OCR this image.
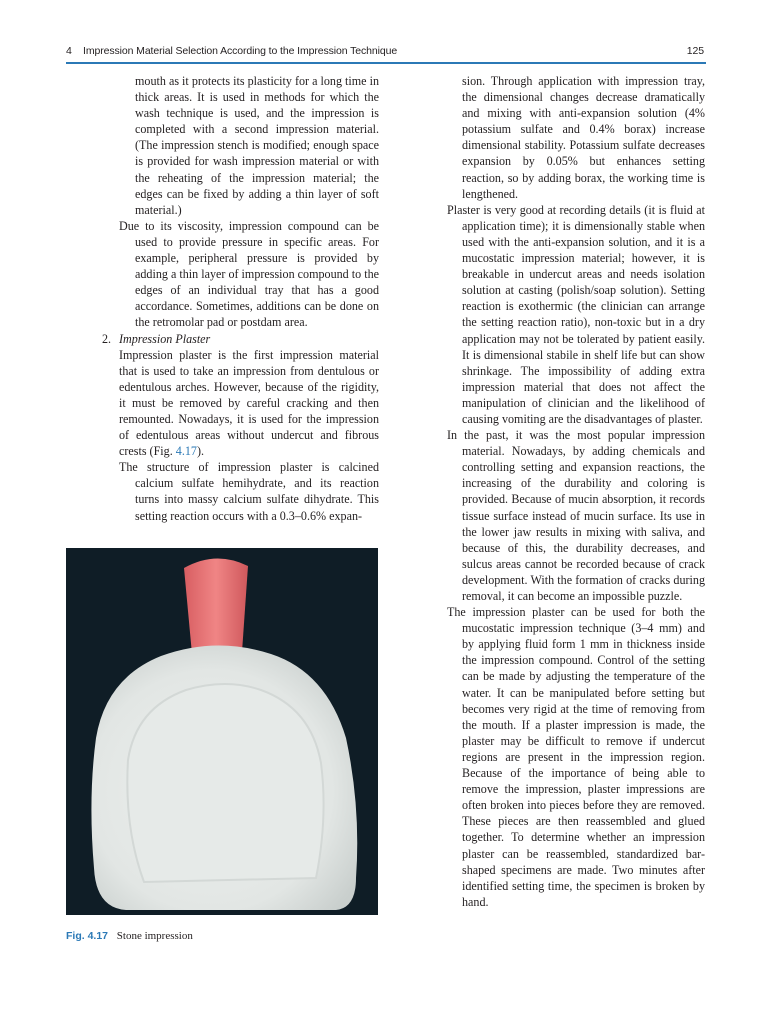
4 Impression Material Selection According to the Impression Technique	125

mouth as it protects its plasticity for a long time in thick areas. It is used in methods for which the wash technique is used, and the impression is completed with a second impression material. (The impression stench is modified; enough space is provided for wash impression material or with the reheating of the impression material; the edges can be fixed by adding a thin layer of soft material.)

Due to its viscosity, impression compound can be used to provide pressure in specific areas. For example, peripheral pressure is provided by adding a thin layer of impression compound to the edges of an individual tray that has a good accordance. Sometimes, additions can be done on the retromolar pad or postdam area.

2. Impression Plaster

Impression plaster is the first impression material that is used to take an impression from dentulous or edentulous arches. However, because of the rigidity, it must be removed by careful cracking and then remounted. Nowadays, it is used for the impression of edentulous areas without undercut and fibrous crests (Fig. 4.17).

The structure of impression plaster is calcined calcium sulfate hemihydrate, and its reaction turns into massy calcium sulfate dihydrate. This setting reaction occurs with a 0.3–0.6% expan-

Fig. 4.17 Stone impression

sion. Through application with impression tray, the dimensional changes decrease dramatically and mixing with anti-expansion solution (4% potassium sulfate and 0.4% borax) increase dimensional stability. Potassium sulfate decreases expansion by 0.05% but enhances setting reaction, so by adding borax, the working time is lengthened.

Plaster is very good at recording details (it is fluid at application time); it is dimensionally stable when used with the anti-expansion solution, and it is a mucostatic impression material; however, it is breakable in undercut areas and needs isolation solution at casting (polish/soap solution). Setting reaction is exothermic (the clinician can arrange the setting reaction ratio), non-toxic but in a dry application may not be tolerated by patient easily. It is dimensional stabile in shelf life but can show shrinkage. The impossibility of adding extra impression material that does not affect the manipulation of clinician and the likelihood of causing vomiting are the disadvantages of plaster.

In the past, it was the most popular impression material. Nowadays, by adding chemicals and controlling setting and expansion reactions, the increasing of the durability and coloring is provided. Because of mucin absorption, it records tissue surface instead of mucin surface. Its use in the lower jaw results in mixing with saliva, and because of this, the durability decreases, and sulcus areas cannot be recorded because of crack development. With the formation of cracks during removal, it can become an impossible puzzle.

The impression plaster can be used for both the mucostatic impression technique (3–4 mm) and by applying fluid form 1 mm in thickness inside the impression compound. Control of the setting can be made by adjusting the temperature of the water. It can be manipulated before setting but becomes very rigid at the time of removing from the mouth. If a plaster impression is made, the plaster may be difficult to remove if undercut regions are present in the impression region. Because of the importance of being able to remove the impression, plaster impressions are often broken into pieces before they are removed. These pieces are then reassembled and glued together. To determine whether an impression plaster can be reassembled, standardized bar-shaped specimens are made. Two minutes after identified setting time, the specimen is broken by hand.
